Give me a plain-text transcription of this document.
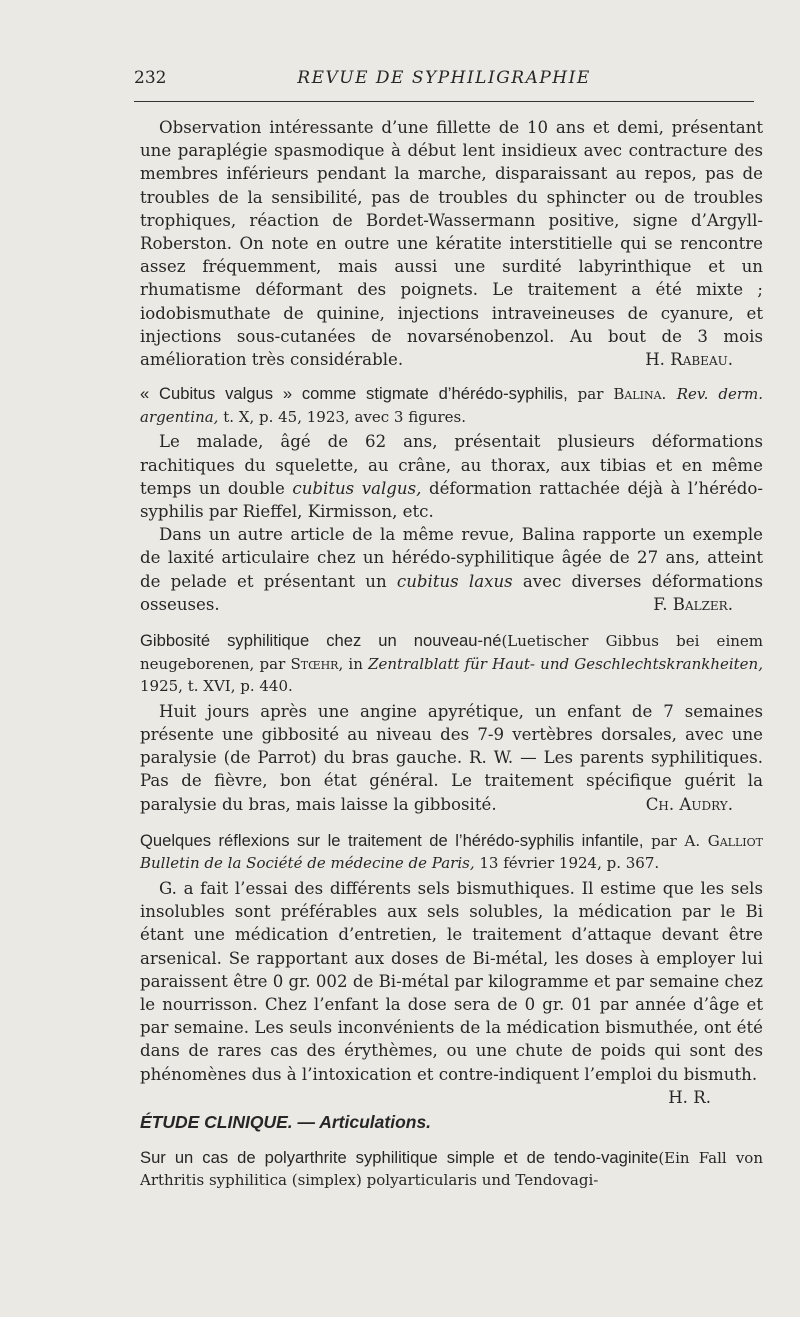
232	REVUE DE SYPHILIGRAPHIE

Observation intéressante d’une fillette de 10 ans et demi, présentant une paraplégie spasmodique à début lent insidieux avec contracture des membres inférieurs pendant la marche, disparaissant au repos, pas de troubles de la sensibilité, pas de troubles du sphincter ou de troubles trophiques, réaction de Bordet-Wassermann positive, signe d’Argyll-Roberston. On note en outre une kératite interstitielle qui se rencontre assez fréquemment, mais aussi une surdité labyrinthique et un rhumatisme déformant des poignets. Le traitement a été mixte ; iodobismuthate de quinine, injections intraveineuses de cyanure, et injections sous-cutanées de novarsénobenzol. Au bout de 3 mois amélioration très considérable.	H. Rabeau.

« Cubitus valgus » comme stigmate d’hérédo-syphilis, par Balina. Rev. derm. argentina, t. X, p. 45, 1923, avec 3 figures.

Le malade, âgé de 62 ans, présentait plusieurs déformations rachitiques du squelette, au crâne, au thorax, aux tibias et en même temps un double cubitus valgus, déformation rattachée déjà à l’hérédo-syphilis par Rieffel, Kirmisson, etc.

Dans un autre article de la même revue, Balina rapporte un exemple de laxité articulaire chez un hérédo-syphilitique âgée de 27 ans, atteint de pelade et présentant un cubitus laxus avec diverses déformations osseuses.	F. Balzer.

Gibbosité syphilitique chez un nouveau-né(Luetischer Gibbus bei einem neugeborenen, par Stœhr, in Zentralblatt für Haut- und Geschlechtskrankheiten, 1925, t. XVI, p. 440.

Huit jours après une angine apyrétique, un enfant de 7 semaines présente une gibbosité au niveau des 7-9 vertèbres dorsales, avec une paralysie (de Parrot) du bras gauche. R. W. — Les parents syphilitiques. Pas de fièvre, bon état général. Le traitement spécifique guérit la paralysie du bras, mais laisse la gibbosité.	Ch. Audry.

Quelques réflexions sur le traitement de l’hérédo-syphilis infantile, par A. Galliot Bulletin de la Société de médecine de Paris, 13 février 1924, p. 367.

G. a fait l’essai des différents sels bismuthiques. Il estime que les sels insolubles sont préférables aux sels solubles, la médication par le Bi étant une médication d’entretien, le traitement d’attaque devant être arsenical. Se rapportant aux doses de Bi-métal, les doses à employer lui paraissent être 0 gr. 002 de Bi-métal par kilogramme et par semaine chez le nourrisson. Chez l’enfant la dose sera de 0 gr. 01 par année d’âge et par semaine. Les seuls inconvénients de la médication bismuthée, ont été dans de rares cas des érythèmes, ou une chute de poids qui sont des phénomènes dus à l’intoxication et contre-indiquent l’emploi du bismuth.
H. R.

ÉTUDE CLINIQUE. — Articulations.

Sur un cas de polyarthrite syphilitique simple et de tendo-vaginite(Ein Fall von Arthritis syphilitica (simplex) polyarticularis und Tendovagi-
